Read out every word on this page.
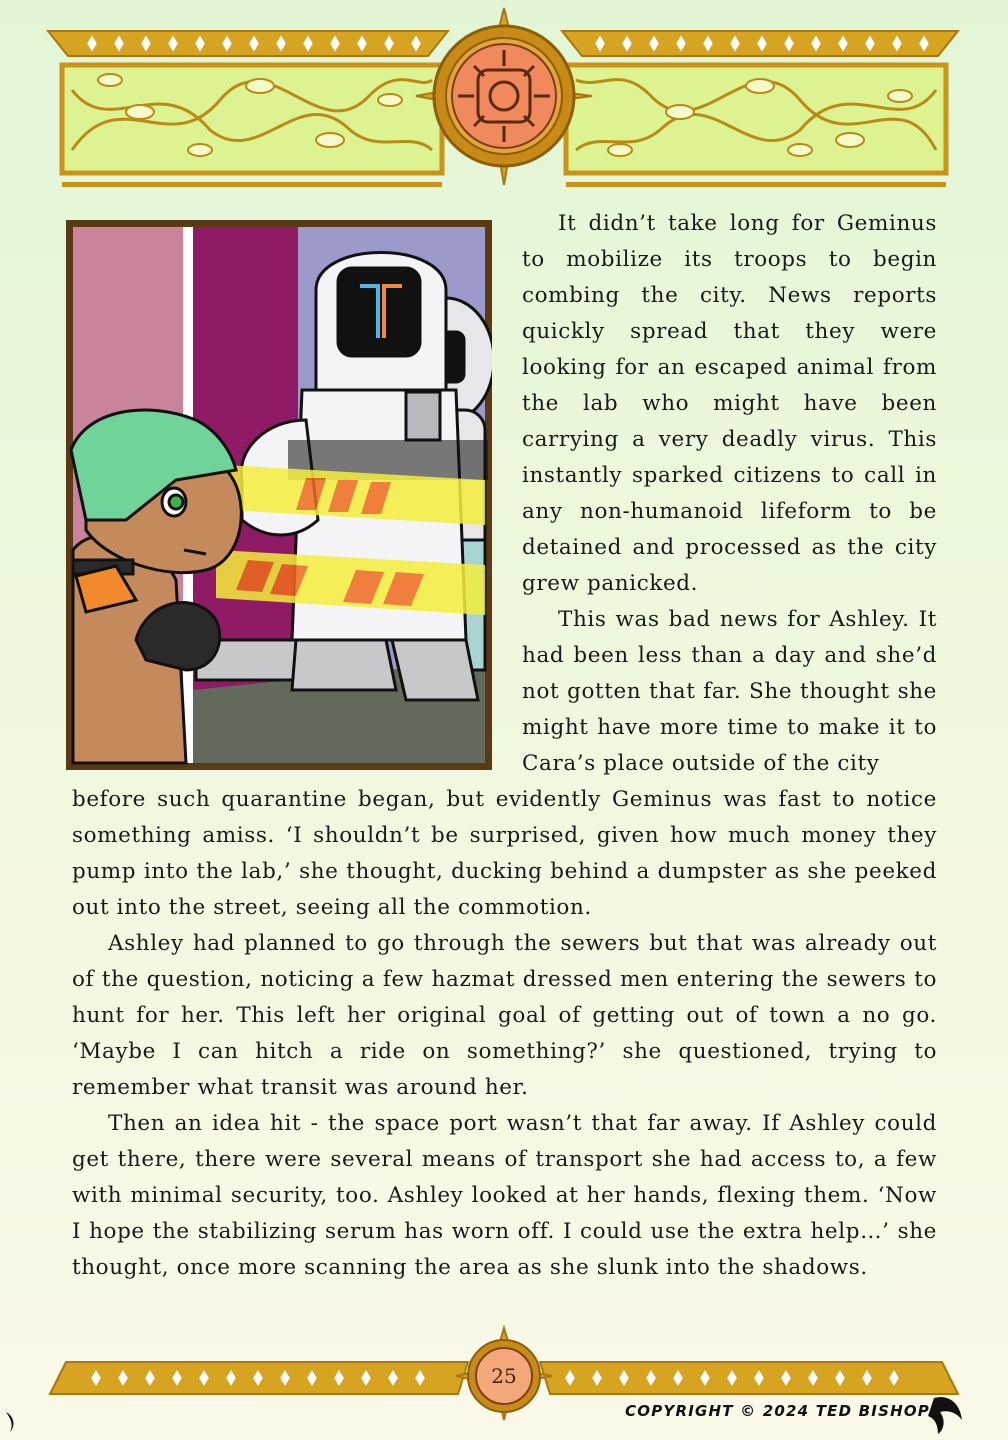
It didn’t take long for Geminus to mobilize its troops to begin combing the city. News reports quickly spread that they were looking for an escaped animal from the lab who might have been carrying a very deadly virus. This instantly sparked citizens to call in any non-humanoid lifeform to be detained and processed as the city grew panicked.

This was bad news for Ashley. It had been less than a day and she’d not gotten that far. She thought she might have more time to make it to Cara’s place outside of the city

before such quarantine began, but evidently Geminus was fast to notice something amiss. ‘I shouldn’t be surprised, given how much money they pump into the lab,’ she thought, ducking behind a dumpster as she peeked out into the street, seeing all the commotion.

Ashley had planned to go through the sewers but that was already out of the question, noticing a few hazmat dressed men entering the sewers to hunt for her. This left her original goal of getting out of town a no go. ‘Maybe I can hitch a ride on something?’ she questioned, trying to remember what transit was around her.

Then an idea hit - the space port wasn’t that far away. If Ashley could get there, there were several means of transport she had access to, a few with minimal security, too. Ashley looked at her hands, flexing them. ‘Now I hope the stabilizing serum has worn off. I could use the extra help…’ she thought, once more scanning the area as she slunk into the shadows.

25
COPYRIGHT © 2024 TED BISHOP
